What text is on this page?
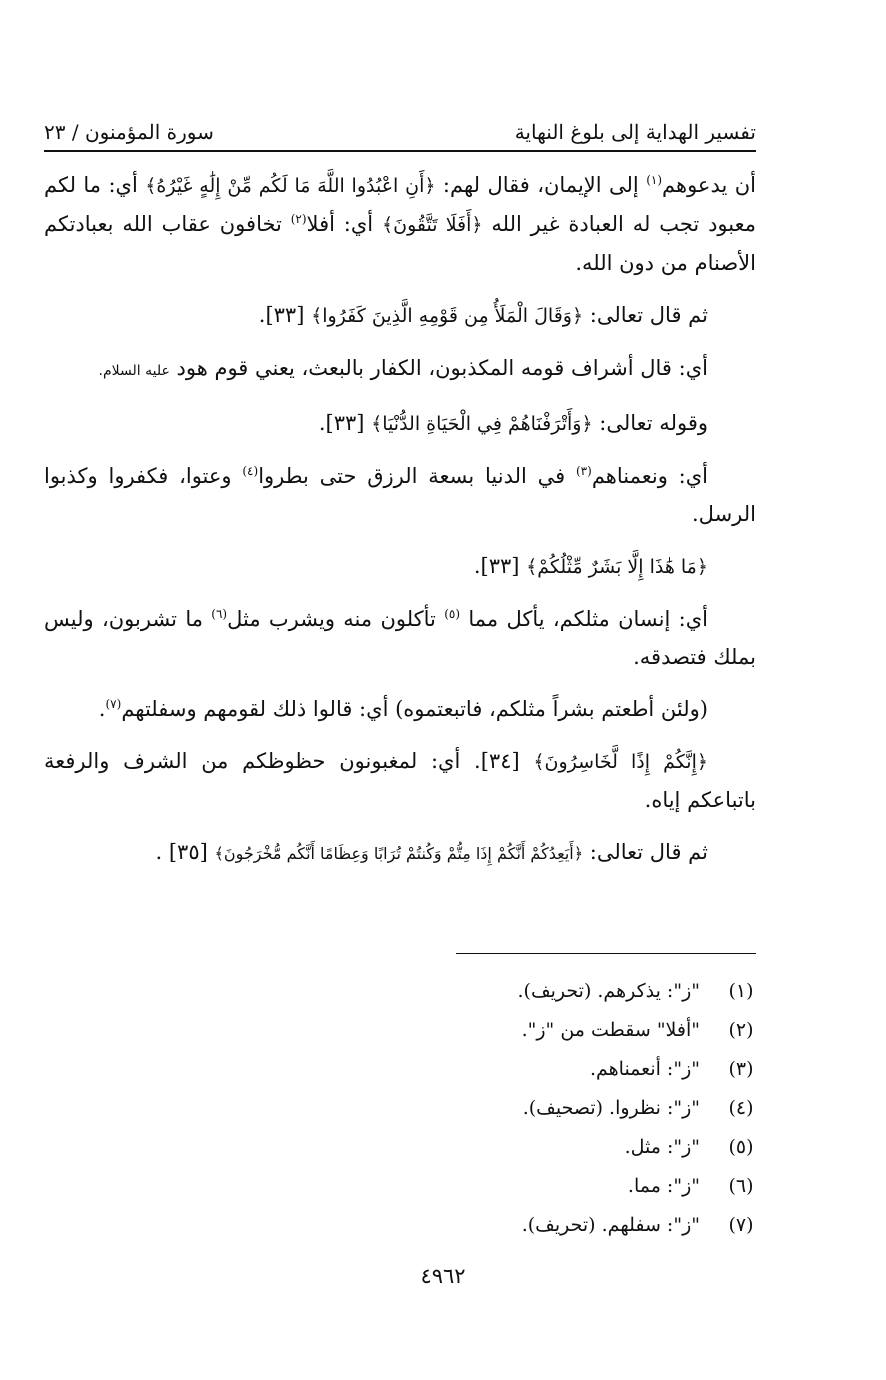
تفسير الهداية إلى بلوغ النهاية
سورة المؤمنون / ٢٣

أن يدعوهم$^{(١)}$ إلى الإيمان، فقال لهم: ﴿أَنِ اعْبُدُوا اللَّهَ مَا لَكُم مِّنْ إِلَٰهٍ غَيْرُهُ﴾ أي: ما لكم معبود تجب له العبادة غير الله ﴿أَفَلَا تَتَّقُونَ﴾ أي: أفلا$^{(٢)}$ تخافون عقاب الله بعبادتكم الأصنام من دون الله.

ثم قال تعالى: ﴿وَقَالَ الْمَلَأُ مِن قَوْمِهِ الَّذِينَ كَفَرُوا﴾ [٣٣].

أي: قال أشراف قومه المكذبون، الكفار بالبعث، يعني قوم هود عليه السلام.

وقوله تعالى: ﴿وَأَتْرَفْنَاهُمْ فِي الْحَيَاةِ الدُّنْيَا﴾ [٣٣].

أي: ونعمناهم$^{(٣)}$ في الدنيا بسعة الرزق حتى بطروا$^{(٤)}$ وعتوا، فكفروا وكذبوا الرسل.

﴿مَا هَٰذَا إِلَّا بَشَرٌ مِّثْلُكُمْ﴾ [٣٣].

أي: إنسان مثلكم، يأكل مما $^{(٥)}$ تأكلون منه ويشرب مثل$^{(٦)}$ ما تشربون، وليس بملك فتصدقه.

(ولئن أطعتم بشراً مثلكم، فاتبعتموه) أي: قالوا ذلك لقومهم وسفلتهم$^{(٧)}$.

﴿إِنَّكُمْ إِذًا لَّخَاسِرُونَ﴾ [٣٤]. أي: لمغبونون حظوظكم من الشرف والرفعة باتباعكم إياه.

ثم قال تعالى: ﴿أَيَعِدُكُمْ أَنَّكُمْ إِذَا مِتُّمْ وَكُنتُمْ تُرَابًا وَعِظَامًا أَنَّكُم مُّخْرَجُونَ﴾ [٣٥] .

(١)
"ز": يذكرهم. (تحريف).
(٢)
"أفلا" سقطت من "ز".
(٣)
"ز": أنعمناهم.
(٤)
"ز": نظروا. (تصحيف).
(٥)
"ز": مثل.
(٦)
"ز": مما.
(٧)
"ز": سفلهم. (تحريف).
٤٩٦٢
